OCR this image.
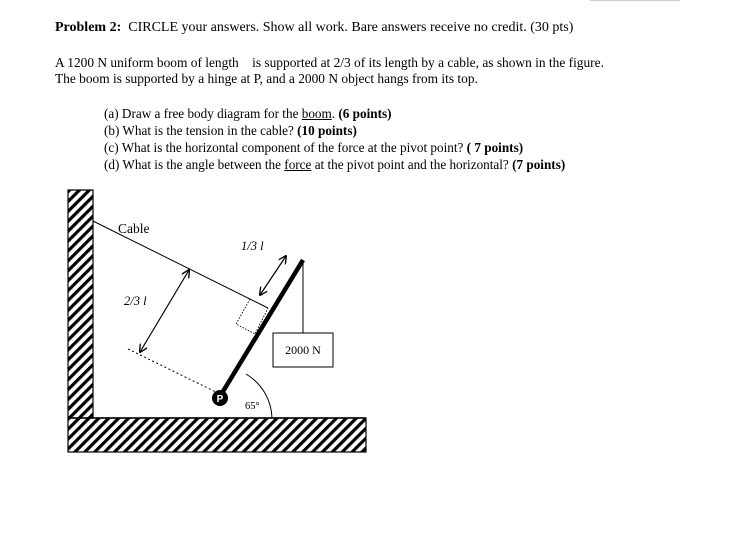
Problem 2: CIRCLE your answers. Show all work. Bare answers receive no credit. (30 pts)
A 1200 N uniform boom of length    is supported at 2/3 of its length by a cable, as shown in the figure.
The boom is supported by a hinge at P, and a 2000 N object hangs from its top.
(a) Draw a free body diagram for the boom. (6 points)
(b) What is the tension in the cable? (10 points)
(c) What is the horizontal component of the force at the pivot point? ( 7 points)
(d) What is the angle between the force at the pivot point and the horizontal? (7 points)
Cable
2000 N
1/3 l
2/3 l
65°
P
